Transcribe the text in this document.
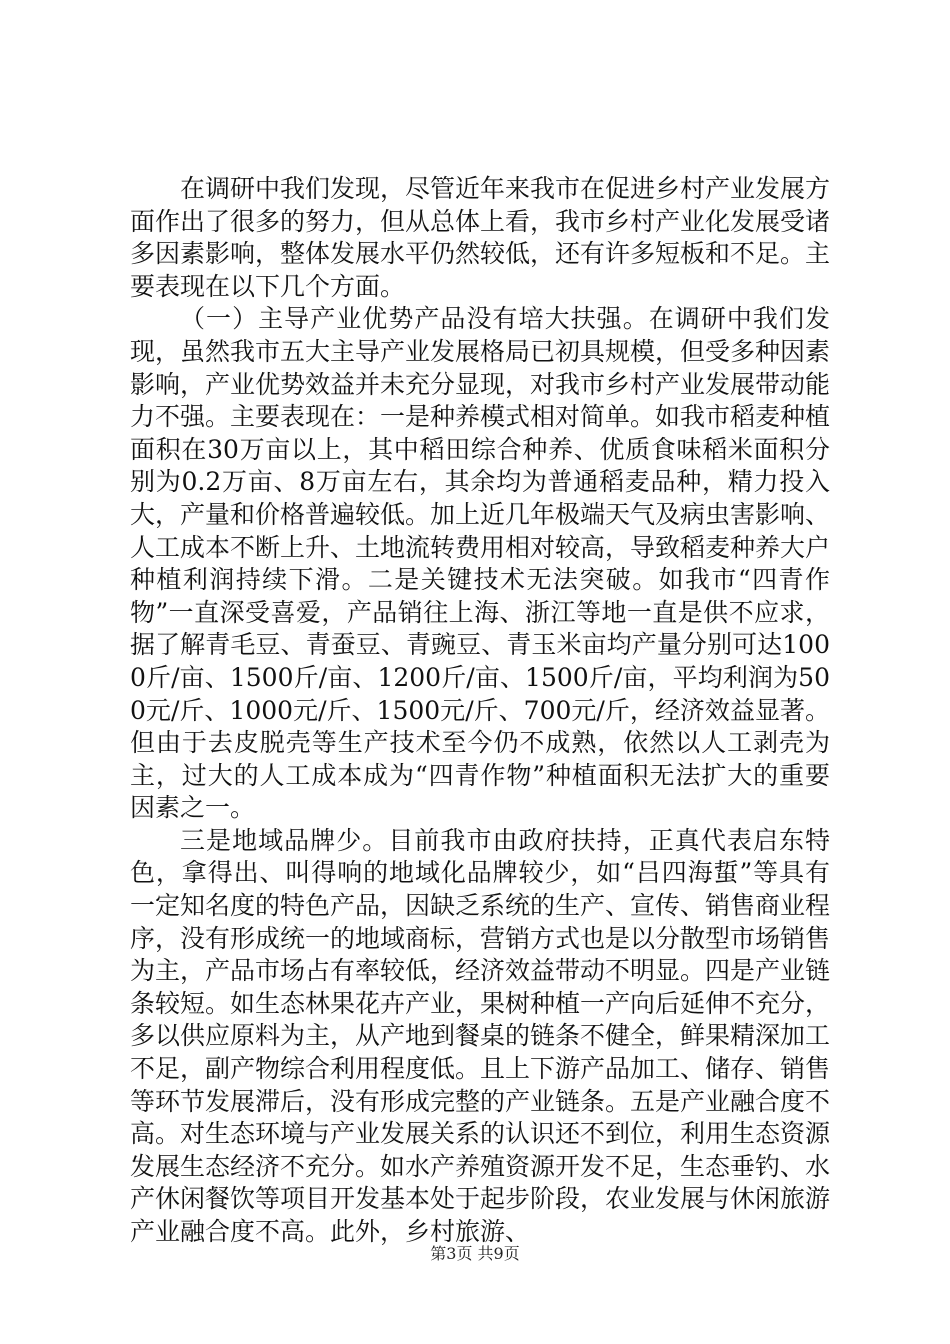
在调研中我们发现，尽管近年来我市在促进乡村产业发展方面作出了很多的努力，但从总体上看，我市乡村产业化发展受诸多因素影响，整体发展水平仍然较低，还有许多短板和不足。主要表现在以下几个方面。

（一）主导产业优势产品没有培大扶强。在调研中我们发现，虽然我市五大主导产业发展格局已初具规模，但受多种因素影响，产业优势效益并未充分显现，对我市乡村产业发展带动能力不强。主要表现在：一是种养模式相对简单。如我市稻麦种植面积在30万亩以上，其中稻田综合种养、优质食味稻米面积分别为0.2万亩、8万亩左右，其余均为普通稻麦品种，精力投入大，产量和价格普遍较低。加上近几年极端天气及病虫害影响、人工成本不断上升、土地流转费用相对较高，导致稻麦种养大户种植利润持续下滑。二是关键技术无法突破。如我市“四青作物”一直深受喜爱，产品销往上海、浙江等地一直是供不应求，据了解青毛豆、青蚕豆、青豌豆、青玉米亩均产量分别可达1000斤/亩、1500斤/亩、1200斤/亩、1500斤/亩，平均利润为500元/斤、1000元/斤、1500元/斤、700元/斤，经济效益显著。但由于去皮脱壳等生产技术至今仍不成熟，依然以人工剥壳为主，过大的人工成本成为“四青作物”种植面积无法扩大的重要因素之一。

三是地域品牌少。目前我市由政府扶持，正真代表启东特色，拿得出、叫得响的地域化品牌较少，如“吕四海蜇”等具有一定知名度的特色产品，因缺乏系统的生产、宣传、销售商业程序，没有形成统一的地域商标，营销方式也是以分散型市场销售为主，产品市场占有率较低，经济效益带动不明显。四是产业链条较短。如生态林果花卉产业，果树种植一产向后延伸不充分，多以供应原料为主，从产地到餐桌的链条不健全，鲜果精深加工不足，副产物综合利用程度低。且上下游产品加工、储存、销售等环节发展滞后，没有形成完整的产业链条。五是产业融合度不高。对生态环境与产业发展关系的认识还不到位，利用生态资源发展生态经济不充分。如水产养殖资源开发不足，生态垂钓、水产休闲餐饮等项目开发基本处于起步阶段，农业发展与休闲旅游产业融合度不高。此外，乡村旅游、

第3页 共9页
